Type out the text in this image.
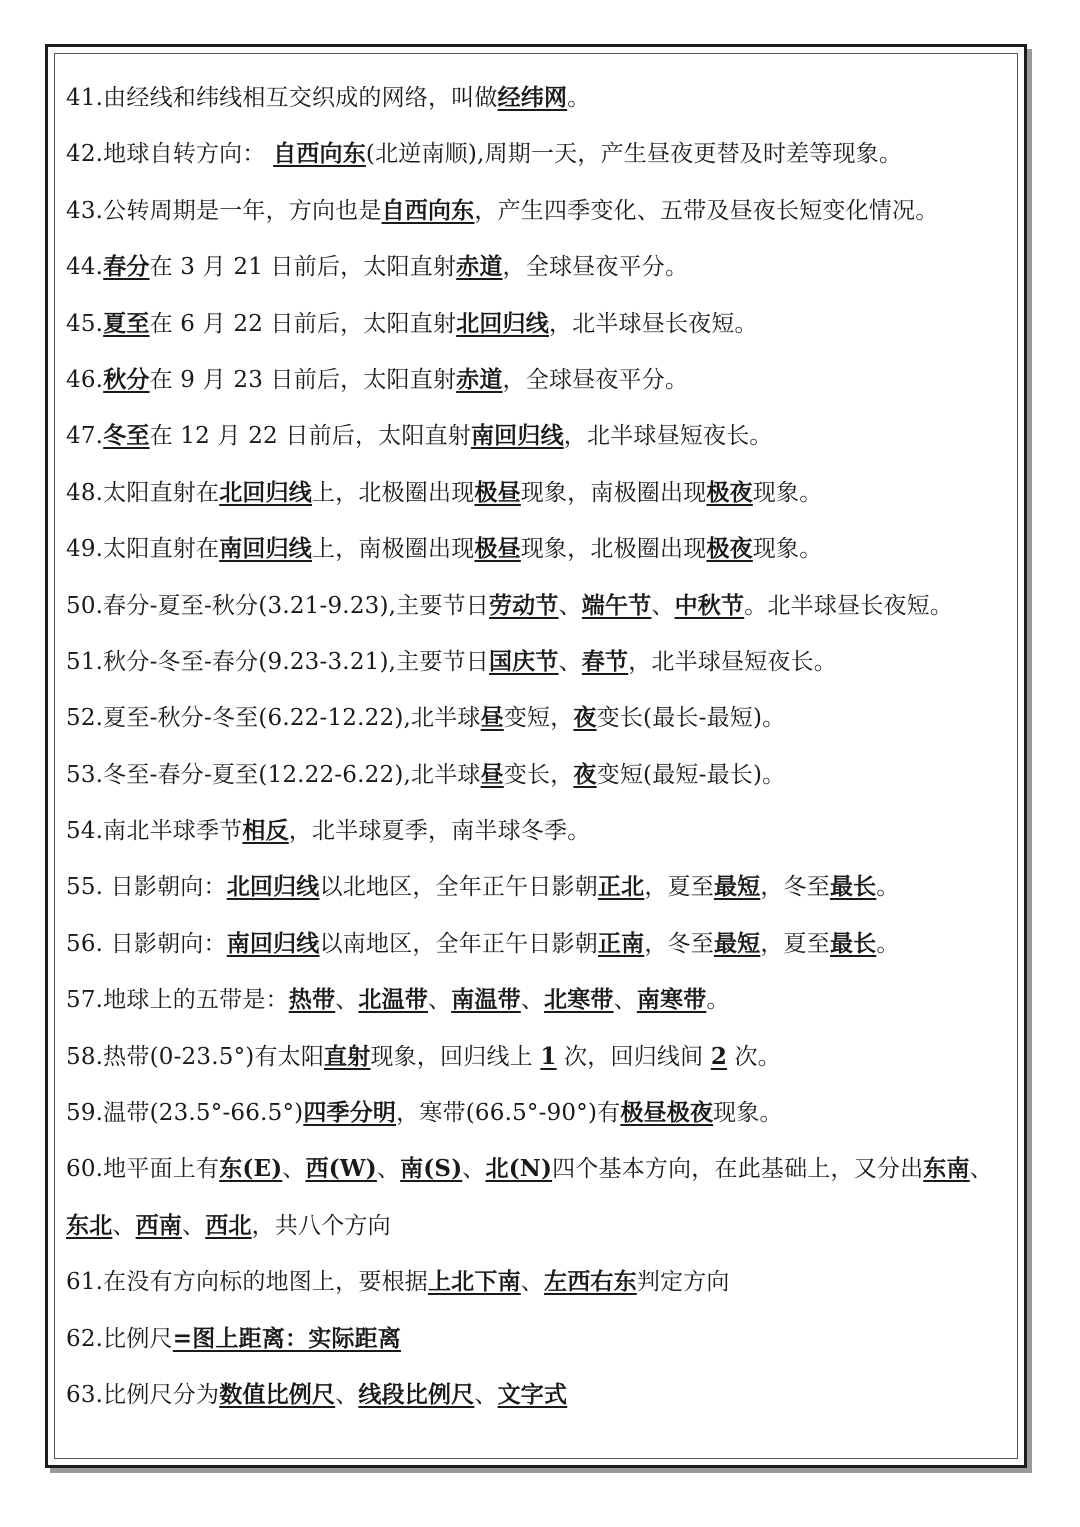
41.由经线和纬线相互交织成的网络，叫做经纬网。
42.地球自转方向： 自西向东(北逆南顺),周期一天，产生昼夜更替及时差等现象。
43.公转周期是一年，方向也是自西向东，产生四季变化、五带及昼夜长短变化情况。
44.春分在 3 月 21 日前后，太阳直射赤道，全球昼夜平分。
45.夏至在 6 月 22 日前后，太阳直射北回归线，北半球昼长夜短。
46.秋分在 9 月 23 日前后，太阳直射赤道，全球昼夜平分。
47.冬至在 12 月 22 日前后，太阳直射南回归线，北半球昼短夜长。
48.太阳直射在北回归线上，北极圈出现极昼现象，南极圈出现极夜现象。
49.太阳直射在南回归线上，南极圈出现极昼现象，北极圈出现极夜现象。
50.春分-夏至-秋分(3.21-9.23),主要节日劳动节、端午节、中秋节。北半球昼长夜短。
51.秋分-冬至-春分(9.23-3.21),主要节日国庆节、春节，北半球昼短夜长。
52.夏至-秋分-冬至(6.22-12.22),北半球昼变短，夜变长(最长-最短)。
53.冬至-春分-夏至(12.22-6.22),北半球昼变长，夜变短(最短-最长)。
54.南北半球季节相反，北半球夏季，南半球冬季。
55. 日影朝向：北回归线以北地区，全年正午日影朝正北，夏至最短，冬至最长。
56. 日影朝向：南回归线以南地区，全年正午日影朝正南，冬至最短，夏至最长。
57.地球上的五带是：热带、北温带、南温带、北寒带、南寒带。
58.热带(0-23.5°)有太阳直射现象，回归线上 1 次，回归线间 2 次。
59.温带(23.5°-66.5°)四季分明，寒带(66.5°-90°)有极昼极夜现象。
60.地平面上有东(E)、西(W)、南(S)、北(N)四个基本方向，在此基础上，又分出东南、
东北、西南、西北，共八个方向
61.在没有方向标的地图上，要根据上北下南、左西右东判定方向
62.比例尺=图上距离：实际距离
63.比例尺分为数值比例尺、线段比例尺、文字式
